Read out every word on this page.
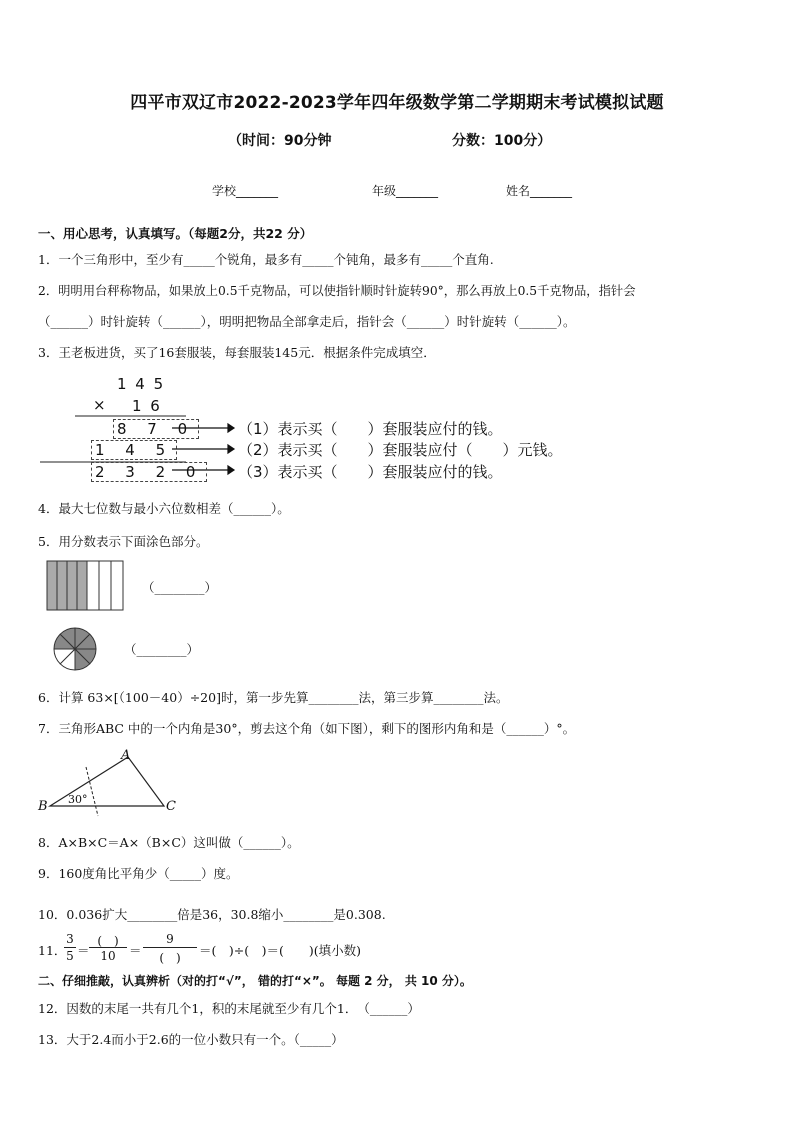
四平市双辽市2022-2023学年四年级数学第二学期期末考试模拟试题
（时间：90分钟	分数：100分）
学校_______	年级_______	姓名_______
一、用心思考，认真填写。（每题2分，共22 分）
1．一个三角形中，至少有_____个锐角，最多有_____个钝角，最多有_____个直角.
2．明明用台秤称物品，如果放上0.5千克物品，可以使指针顺时针旋转90°，那么再放上0.5千克物品，指针会
（______）时针旋转（______），明明把物品全部拿走后，指针会（______）时针旋转（______）。
3．王老板进货，买了16套服装，每套服装145元．根据条件完成填空．
1 4 5
× 1 6
8 7 0
1 4 5
2 3 2 0
（1）表示买（　　）套服装应付的钱。
（2）表示买（　　）套服装应付（　　）元钱。
（3）表示买（　　）套服装应付的钱。
4．最大七位数与最小六位数相差（______）。
5．用分数表示下面涂色部分。
（________）
（________）
6．计算 63×[（100－40）÷20]时，第一步先算________法，第三步算________法。
7．三角形ABC 中的一个内角是30°，剪去这个角（如下图），剩下的图形内角和是（______）°。
A
B	C
30°
8．A×B×C＝A×（B×C）这叫做（______）。
9．160度角比平角少（_____）度。
10．0.036扩大________倍是36，30.8缩小________是0.308.
11．
3
5 ＝
(　)
10	＝
9
(　)	＝(　)÷(　)＝(　　)(填小数)
二、仔细推敲，认真辨析（对的打“√”， 错的打“×”。 每题 2 分， 共 10 分）。
12．因数的末尾一共有几个1，积的末尾就至少有几个1．　（______）
13．大于2.4而小于2.6的一位小数只有一个。（_____）
